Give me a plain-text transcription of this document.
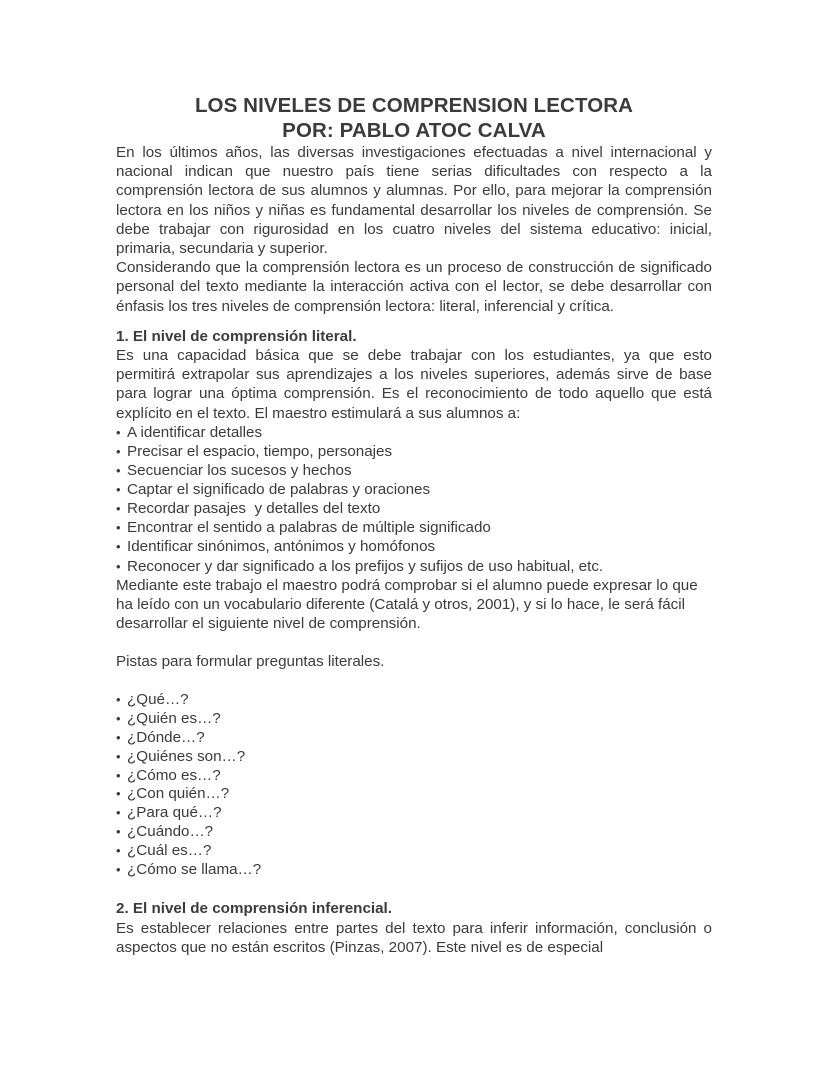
LOS NIVELES DE COMPRENSION LECTORA
POR: PABLO ATOC CALVA

En los últimos años, las diversas investigaciones efectuadas a nivel internacional y nacional indican que nuestro país tiene serias dificultades con respecto a la comprensión lectora de sus alumnos y alumnas. Por ello, para mejorar la comprensión lectora en los niños y niñas es fundamental desarrollar los niveles de comprensión. Se debe trabajar con rigurosidad en los cuatro niveles del sistema educativo: inicial, primaria, secundaria y superior.

Considerando que la comprensión lectora es un proceso de construcción de significado personal del texto mediante la interacción activa con el lector, se debe desarrollar con énfasis los tres niveles de comprensión lectora: literal, inferencial y crítica.

1. El nivel de comprensión literal.

Es una capacidad básica que se debe trabajar con los estudiantes, ya que esto permitirá extrapolar sus aprendizajes a los niveles superiores, además sirve de base para lograr una óptima comprensión. Es el reconocimiento de todo aquello que está explícito en el texto. El maestro estimulará a sus alumnos a:

• A identificar detalles
• Precisar el espacio, tiempo, personajes
• Secuenciar los sucesos y hechos
• Captar el significado de palabras y oraciones
• Recordar pasajes  y detalles del texto
• Encontrar el sentido a palabras de múltiple significado
• Identificar sinónimos, antónimos y homófonos
• Reconocer y dar significado a los prefijos y sufijos de uso habitual, etc.

Mediante este trabajo el maestro podrá comprobar si el alumno puede expresar lo que ha leído con un vocabulario diferente (Catalá y otros, 2001), y si lo hace, le será fácil desarrollar el siguiente nivel de comprensión.

Pistas para formular preguntas literales.

• ¿Qué…?
• ¿Quién es…?
• ¿Dónde…?
• ¿Quiénes son…?
• ¿Cómo es…?
• ¿Con quién…?
• ¿Para qué…?
• ¿Cuándo…?
• ¿Cuál es…?
• ¿Cómo se llama…?
2. El nivel de comprensión inferencial.

Es establecer relaciones entre partes del texto para inferir información, conclusión o aspectos que no están escritos (Pinzas, 2007). Este nivel es de especial
